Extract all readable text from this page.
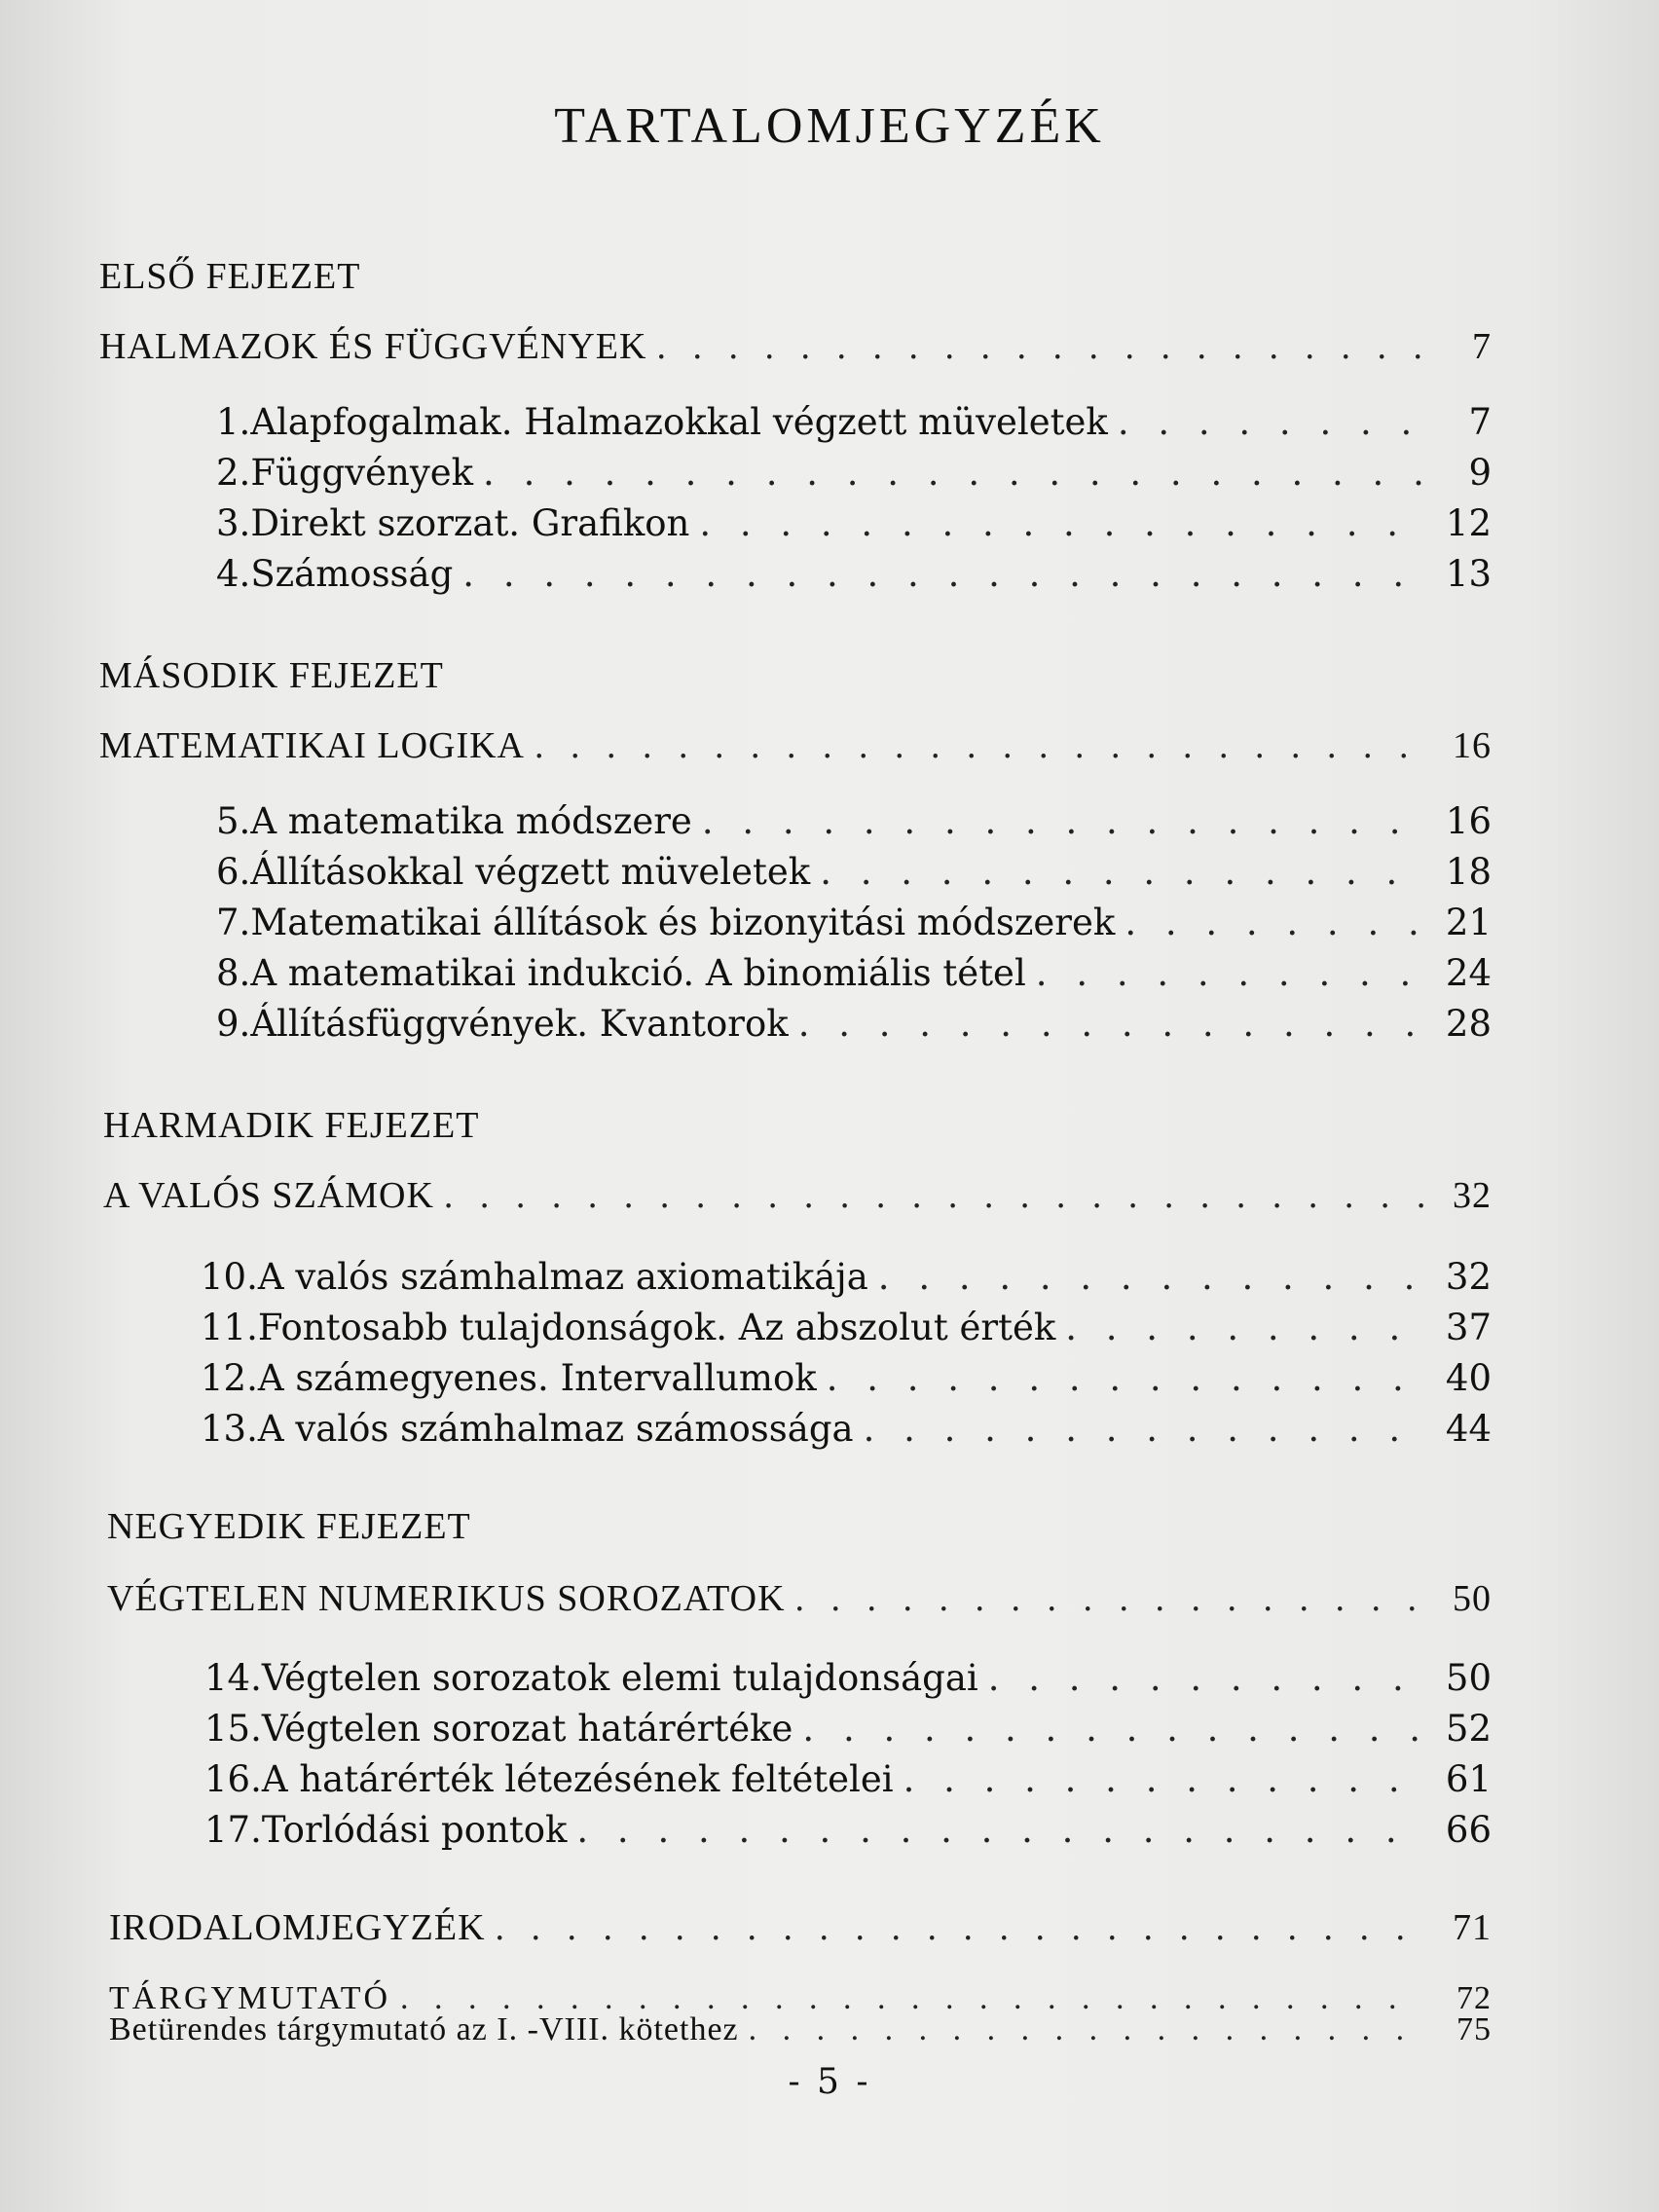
TARTALOMJEGYZÉK
ELSŐ FEJEZET
HALMAZOK ÉS FÜGGVÉNYEK . . .	7
1. Alapfogalmak. Halmazokkal végzett müveletek . . .	7
2. Függvények . . .	9
3. Direkt szorzat. Grafikon . . .	12
4. Számosság . . .	13
MÁSODIK FEJEZET
MATEMATIKAI LOGIKA . . .	16
5. A matematika módszere . . .	16
6. Állításokkal végzett müveletek . . .	18
7. Matematikai állítások és bizonyitási módszerek . . .	21
8. A matematikai indukció. A binomiális tétel . . .	24
9. Állításfüggvények. Kvantorok . . .	28
HARMADIK FEJEZET
A VALÓS SZÁMOK . . .	32
10. A valós számhalmaz axiomatikája . . .	32
11. Fontosabb tulajdonságok. Az abszolut érték . . .	37
12. A számegyenes. Intervallumok . . .	40
13. A valós számhalmaz számossága . . .	44
NEGYEDIK FEJEZET
VÉGTELEN NUMERIKUS SOROZATOK . . .	50
14. Végtelen sorozatok elemi tulajdonságai . . .	50
15. Végtelen sorozat határértéke . . .	52
16. A határérték létezésének feltételei . . .	61
17. Torlódási pontok . . .	66
IRODALOMJEGYZÉK . . .	71
TÁRGYMUTATÓ . . .	72
Betürendes tárgymutató az I. -VIII. kötethez . . .	75
- 5 -
